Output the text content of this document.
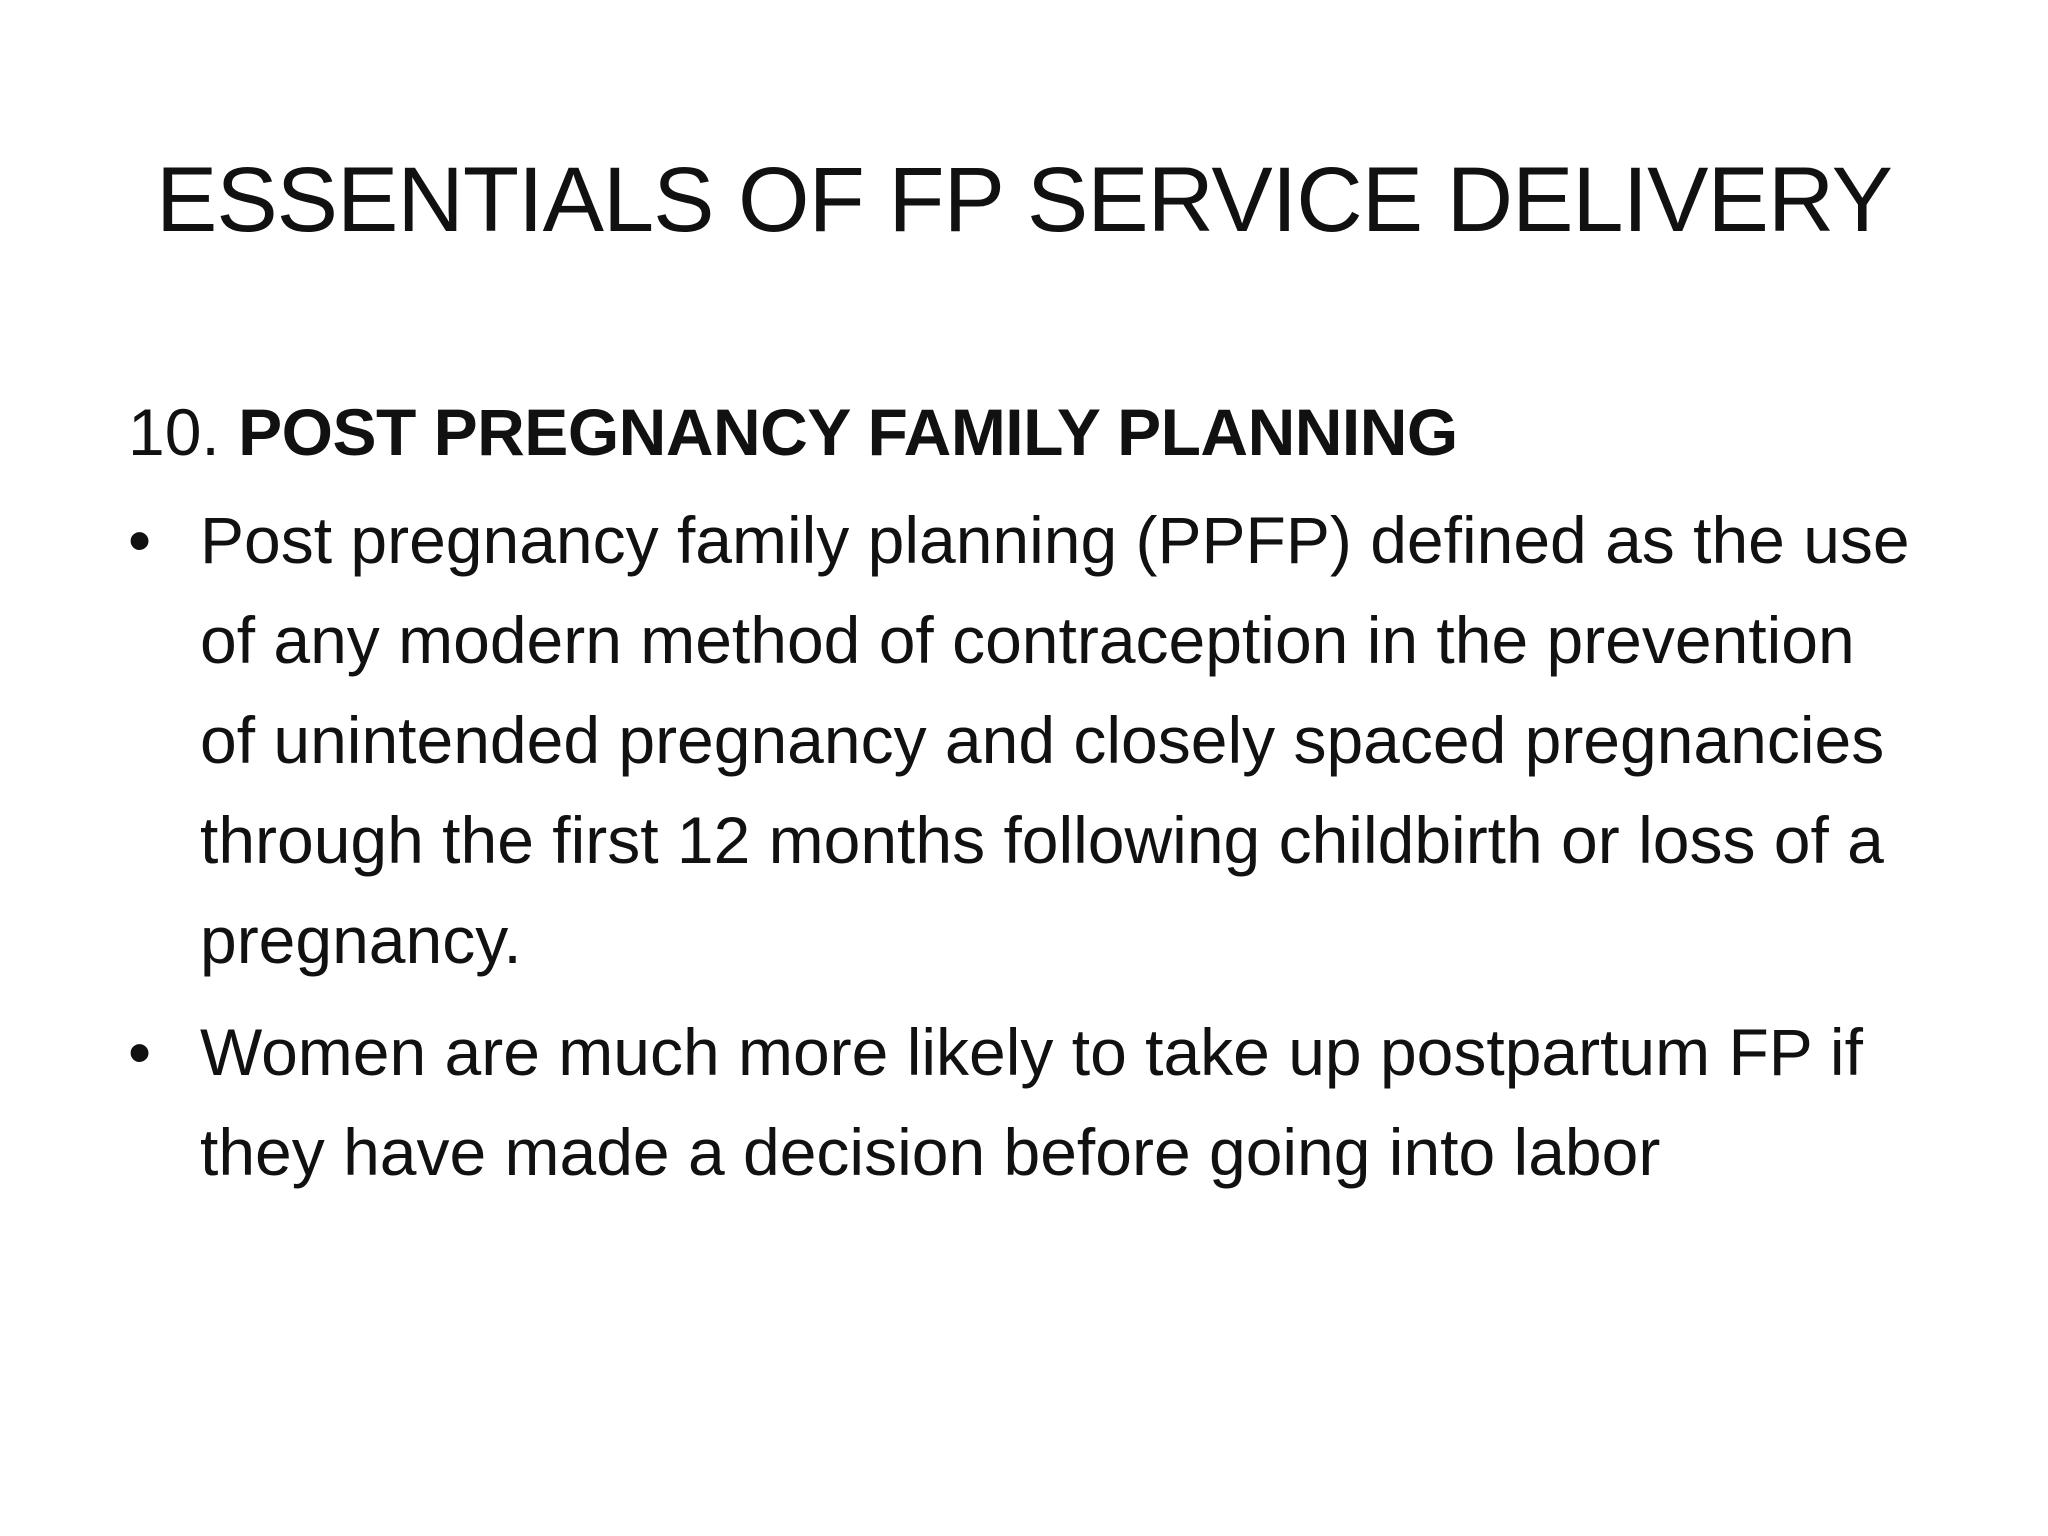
ESSENTIALS OF FP SERVICE DELIVERY
10. POST PREGNANCY FAMILY PLANNING
• Post pregnancy family planning (PPFP) defined as the use of any modern method of contraception in the prevention of unintended pregnancy and closely spaced pregnancies through the first 12 months following childbirth or loss of a pregnancy.
• Women are much more likely to take up postpartum FP if they have made a decision before going into labor
